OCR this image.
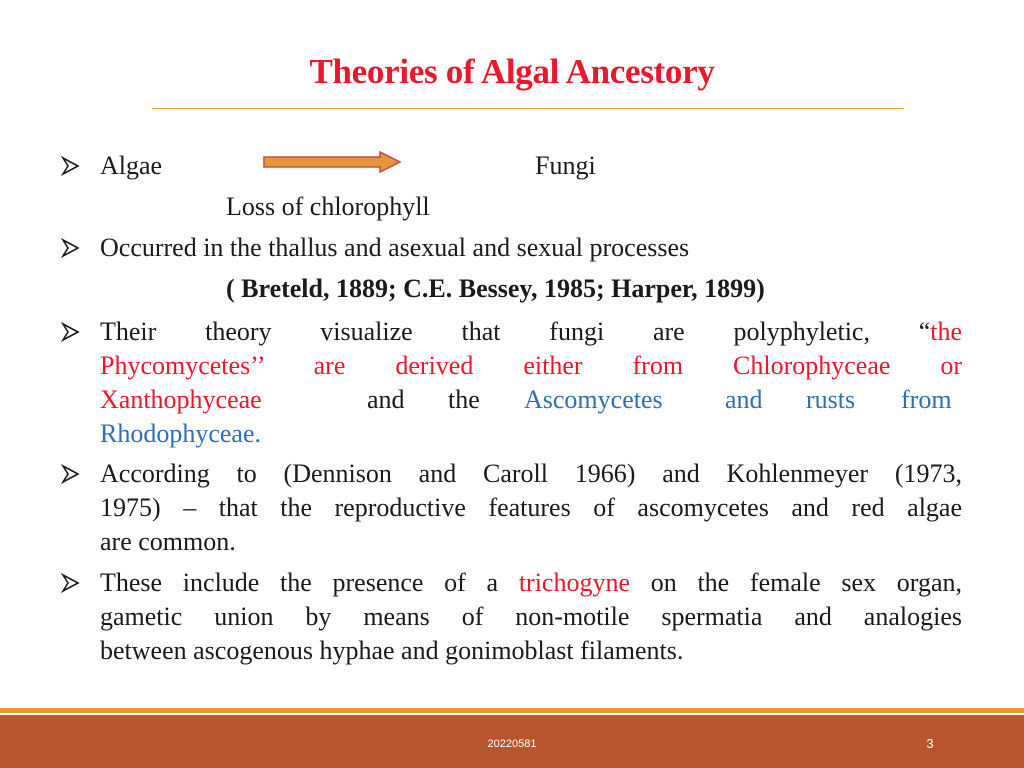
Theories of Algal Ancestory
Algae	Fungi
Loss of chlorophyll
Occurred in the thallus and asexual and sexual processes
( Breteld, 1889; C.E. Bessey, 1985; Harper, 1899)
Their theory visualize that fungi are polyphyletic, “the
Phycomycetes’’ are derived either from Chlorophyceae or
Xanthophyceae	and the Ascomycetes and rusts from
Rhodophyceae.
According to (Dennison and Caroll 1966) and Kohlenmeyer (1973,
1975) – that the reproductive features of ascomycetes and red algae
are common.
These include the presence of a trichogyne on the female sex organ,
gametic union by means of non-motile spermatia and analogies
between ascogenous hyphae and gonimoblast filaments.
20220581	3
